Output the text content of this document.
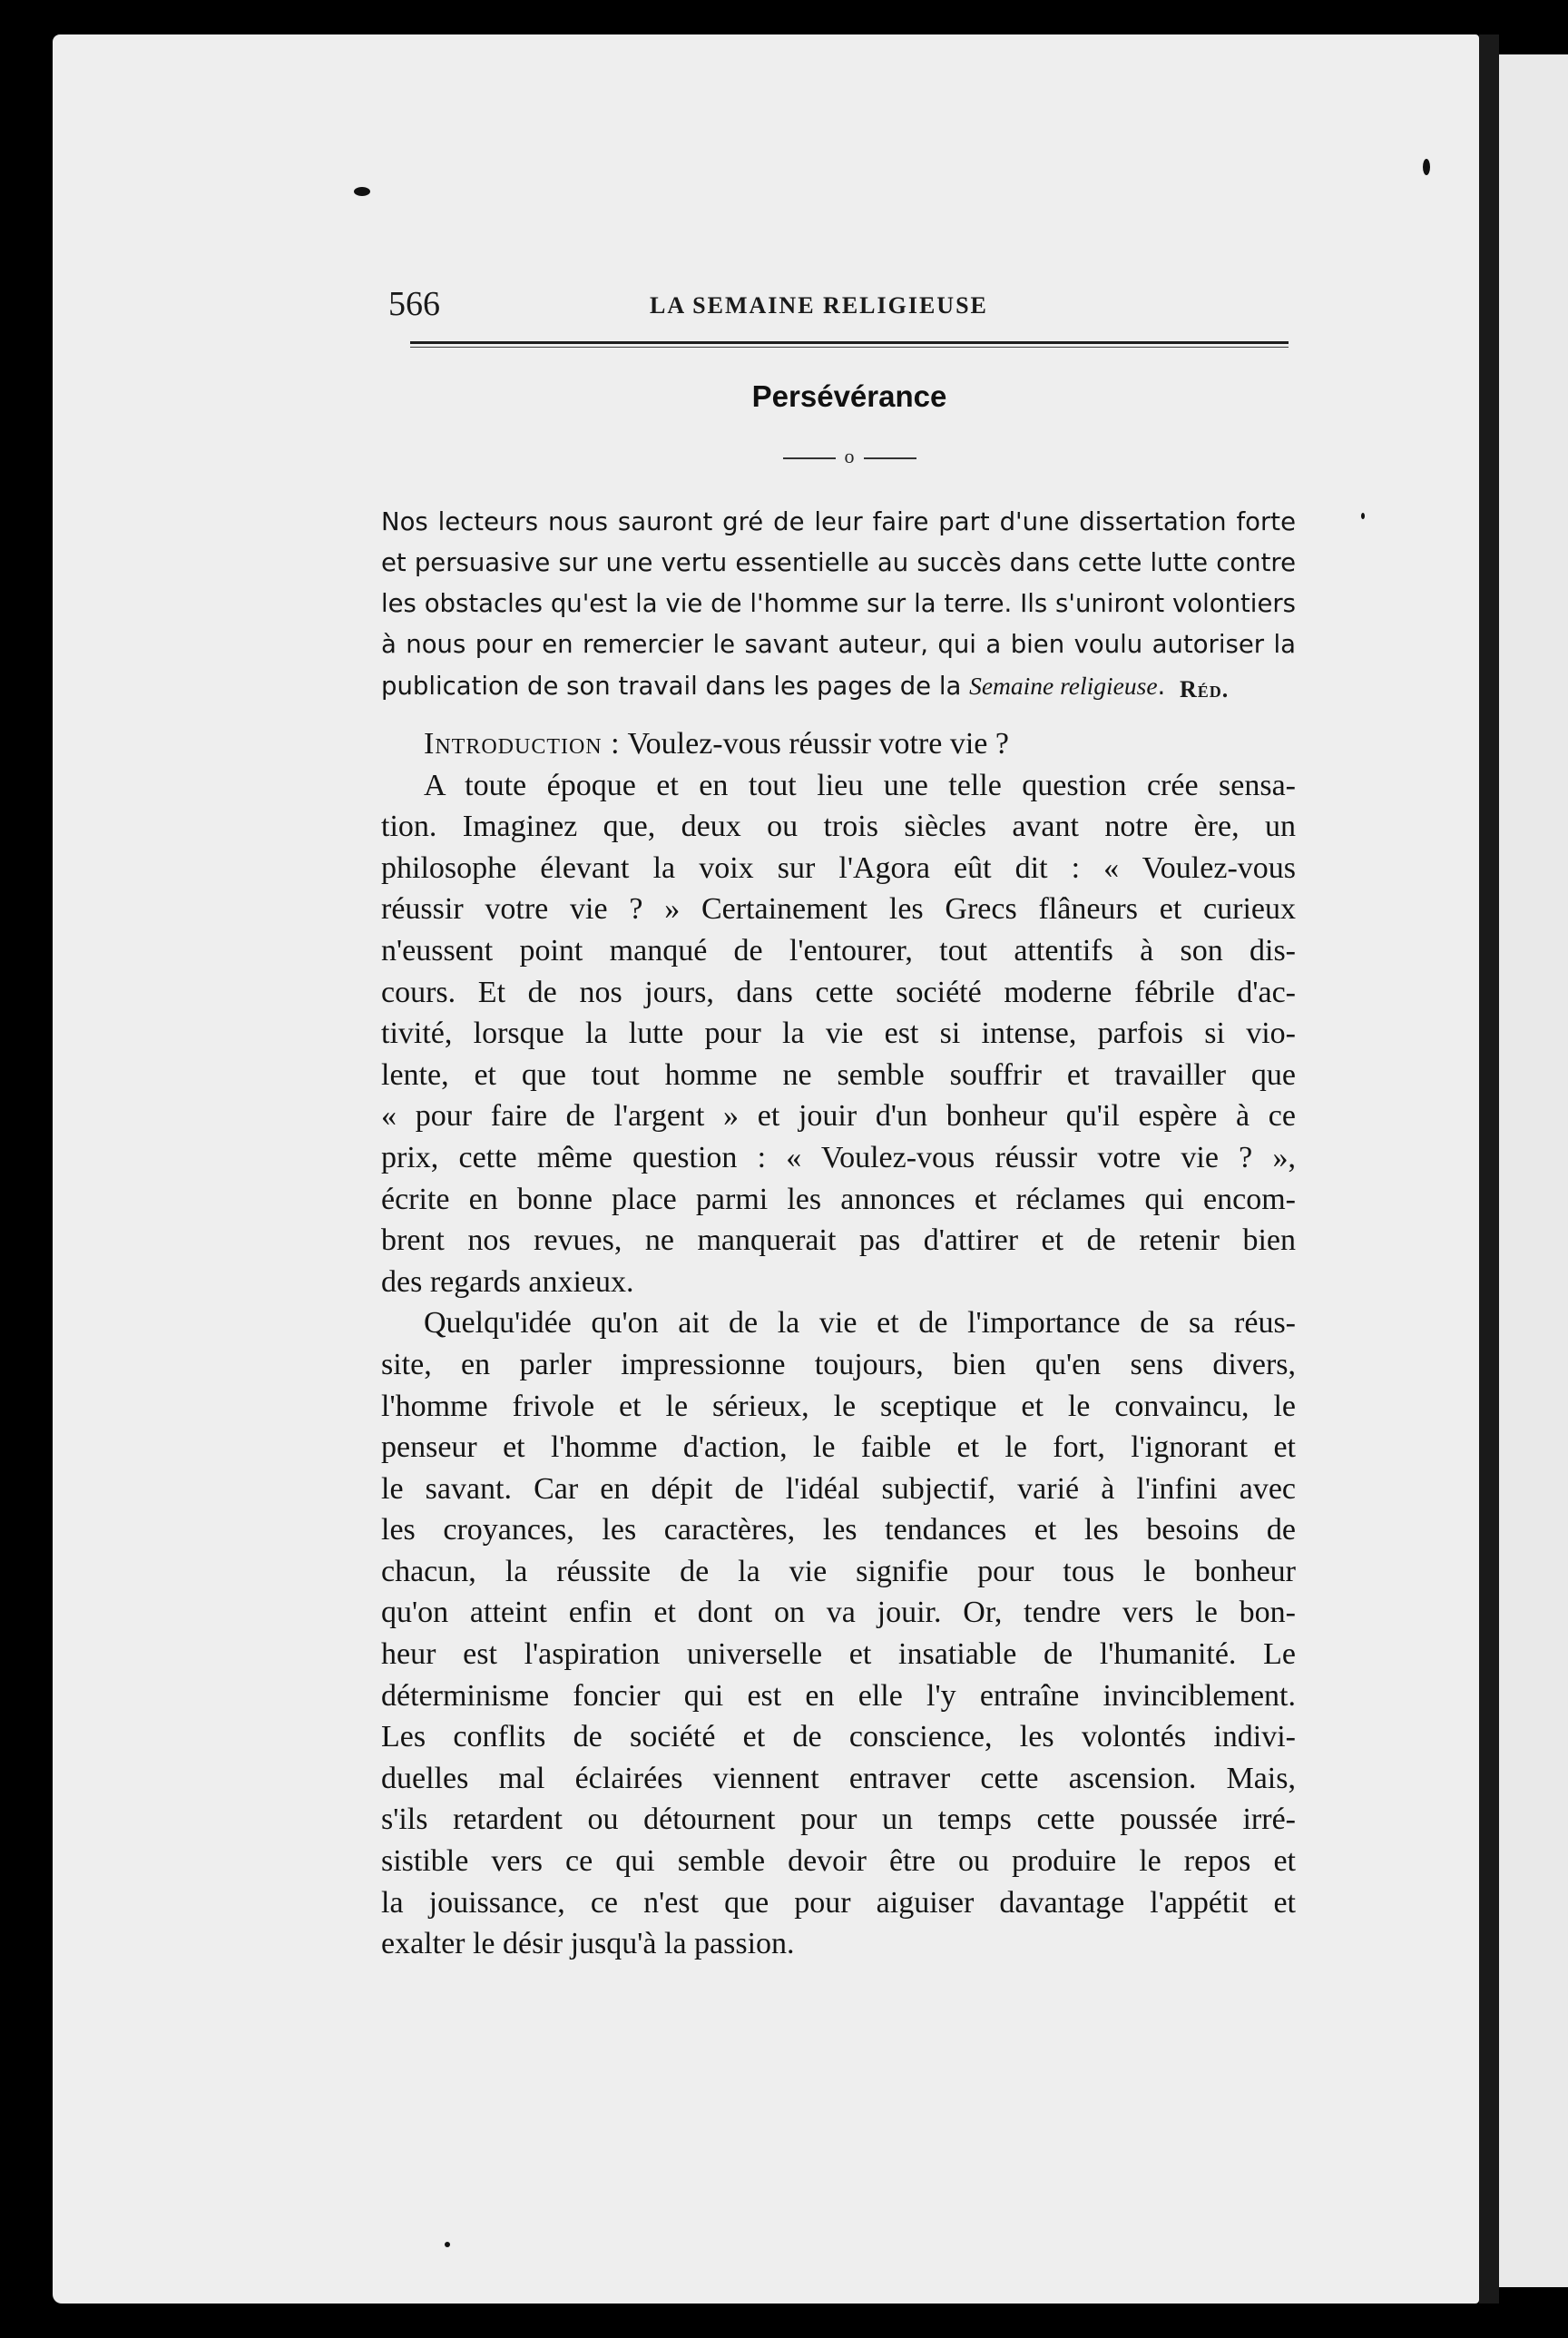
566	LA SEMAINE RELIGIEUSE
Persévérance
o
Nos lecteurs nous sauront gré de leur faire part d'une dissertation forte
et persuasive sur une vertu essentielle au succès dans cette lutte contre
les obstacles qu'est la vie de l'homme sur la terre. Ils s'uniront volontiers
à nous pour en remercier le savant auteur, qui a bien voulu autoriser la
publication de son travail dans les pages de la Semaine religieuse. Réd.
Introduction : Voulez-vous réussir votre vie ?
A toute époque et en tout lieu une telle question crée sensa-
tion. Imaginez que, deux ou trois siècles avant notre ère, un
philosophe élevant la voix sur l'Agora eût dit : « Voulez-vous
réussir votre vie ? » Certainement les Grecs flâneurs et curieux
n'eussent point manqué de l'entourer, tout attentifs à son dis-
cours. Et de nos jours, dans cette société moderne fébrile d'ac-
tivité, lorsque la lutte pour la vie est si intense, parfois si vio-
lente, et que tout homme ne semble souffrir et travailler que
« pour faire de l'argent » et jouir d'un bonheur qu'il espère à ce
prix, cette même question : « Voulez-vous réussir votre vie ? »,
écrite en bonne place parmi les annonces et réclames qui encom-
brent nos revues, ne manquerait pas d'attirer et de retenir bien
des regards anxieux.
Quelqu'idée qu'on ait de la vie et de l'importance de sa réus-
site, en parler impressionne toujours, bien qu'en sens divers,
l'homme frivole et le sérieux, le sceptique et le convaincu, le
penseur et l'homme d'action, le faible et le fort, l'ignorant et
le savant. Car en dépit de l'idéal subjectif, varié à l'infini avec
les croyances, les caractères, les tendances et les besoins de
chacun, la réussite de la vie signifie pour tous le bonheur
qu'on atteint enfin et dont on va jouir. Or, tendre vers le bon-
heur est l'aspiration universelle et insatiable de l'humanité. Le
déterminisme foncier qui est en elle l'y entraîne invinciblement.
Les conflits de société et de conscience, les volontés indivi-
duelles mal éclairées viennent entraver cette ascension. Mais,
s'ils retardent ou détournent pour un temps cette poussée irré-
sistible vers ce qui semble devoir être ou produire le repos et
la jouissance, ce n'est que pour aiguiser davantage l'appétit et
exalter le désir jusqu'à la passion.
